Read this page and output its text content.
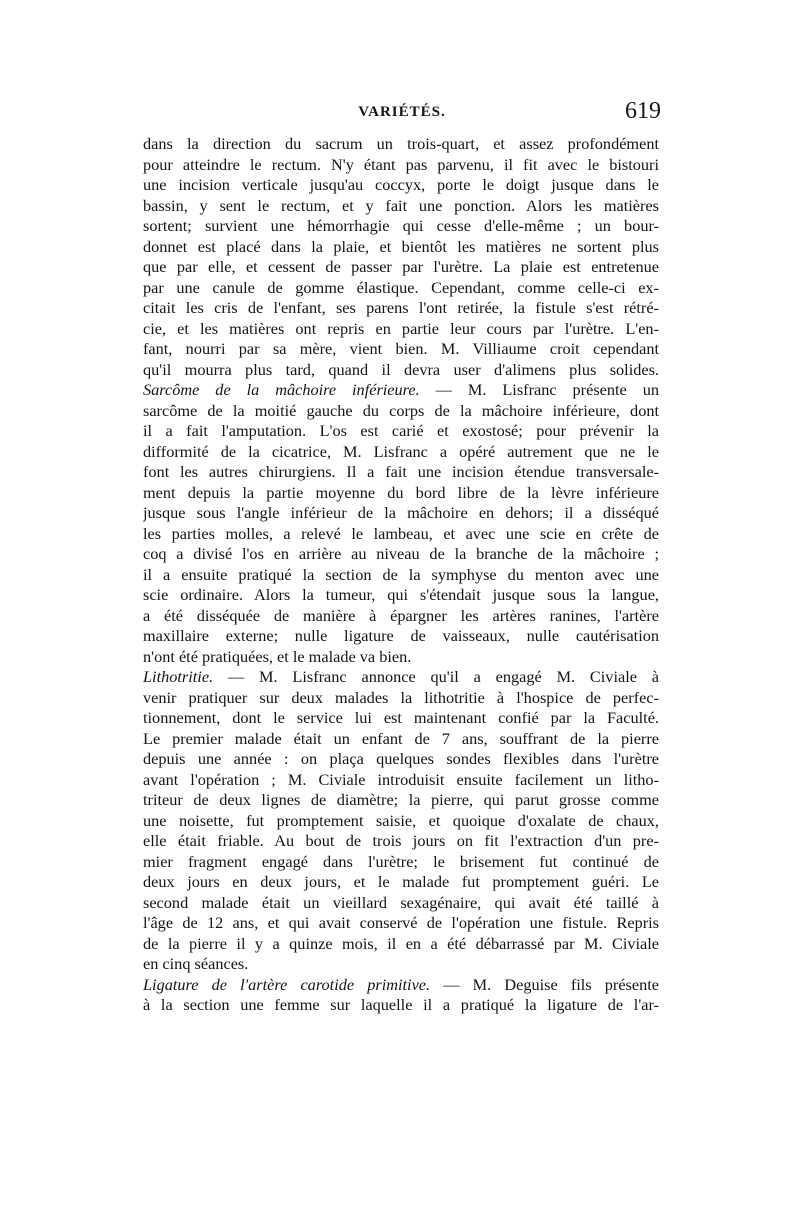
VARIÉTÉS.	619
dans la direction du sacrum un trois-quart, et assez profondément
pour atteindre le rectum. N'y étant pas parvenu, il fit avec le bistouri
une incision verticale jusqu'au coccyx, porte le doigt jusque dans le
bassin, y sent le rectum, et y fait une ponction. Alors les matières
sortent; survient une hémorrhagie qui cesse d'elle-même ; un bour-
donnet est placé dans la plaie, et bientôt les matières ne sortent plus
que par elle, et cessent de passer par l'urètre. La plaie est entretenue
par une canule de gomme élastique. Cependant, comme celle-ci ex-
citait les cris de l'enfant, ses parens l'ont retirée, la fistule s'est rétré-
cie, et les matières ont repris en partie leur cours par l'urètre. L'en-
fant, nourri par sa mère, vient bien. M. Villiaume croit cependant
qu'il mourra plus tard, quand il devra user d'alimens plus solides.
Sarcôme de la mâchoire inférieure. — M. Lisfranc présente un
sarcôme de la moitié gauche du corps de la mâchoire inférieure, dont
il a fait l'amputation. L'os est carié et exostosé; pour prévenir la
difformité de la cicatrice, M. Lisfranc a opéré autrement que ne le
font les autres chirurgiens. Il a fait une incision étendue transversale-
ment depuis la partie moyenne du bord libre de la lèvre inférieure
jusque sous l'angle inférieur de la mâchoire en dehors; il a disséqué
les parties molles, a relevé le lambeau, et avec une scie en crête de
coq a divisé l'os en arrière au niveau de la branche de la mâchoire ;
il a ensuite pratiqué la section de la symphyse du menton avec une
scie ordinaire. Alors la tumeur, qui s'étendait jusque sous la langue,
a été disséquée de manière à épargner les artères ranines, l'artère
maxillaire externe; nulle ligature de vaisseaux, nulle cautérisation
n'ont été pratiquées, et le malade va bien.
Lithotritie. — M. Lisfranc annonce qu'il a engagé M. Civiale à
venir pratiquer sur deux malades la lithotritie à l'hospice de perfec-
tionnement, dont le service lui est maintenant confié par la Faculté.
Le premier malade était un enfant de 7 ans, souffrant de la pierre
depuis une année : on plaça quelques sondes flexibles dans l'urètre
avant l'opération ; M. Civiale introduisit ensuite facilement un litho-
triteur de deux lignes de diamètre; la pierre, qui parut grosse comme
une noisette, fut promptement saisie, et quoique d'oxalate de chaux,
elle était friable. Au bout de trois jours on fit l'extraction d'un pre-
mier fragment engagé dans l'urètre; le brisement fut continué de
deux jours en deux jours, et le malade fut promptement guéri. Le
second malade était un vieillard sexagénaire, qui avait été taillé à
l'âge de 12 ans, et qui avait conservé de l'opération une fistule. Repris
de la pierre il y a quinze mois, il en a été débarrassé par M. Civiale
en cinq séances.
Ligature de l'artère carotide primitive. — M. Deguise fils présente
à la section une femme sur laquelle il a pratiqué la ligature de l'ar-
